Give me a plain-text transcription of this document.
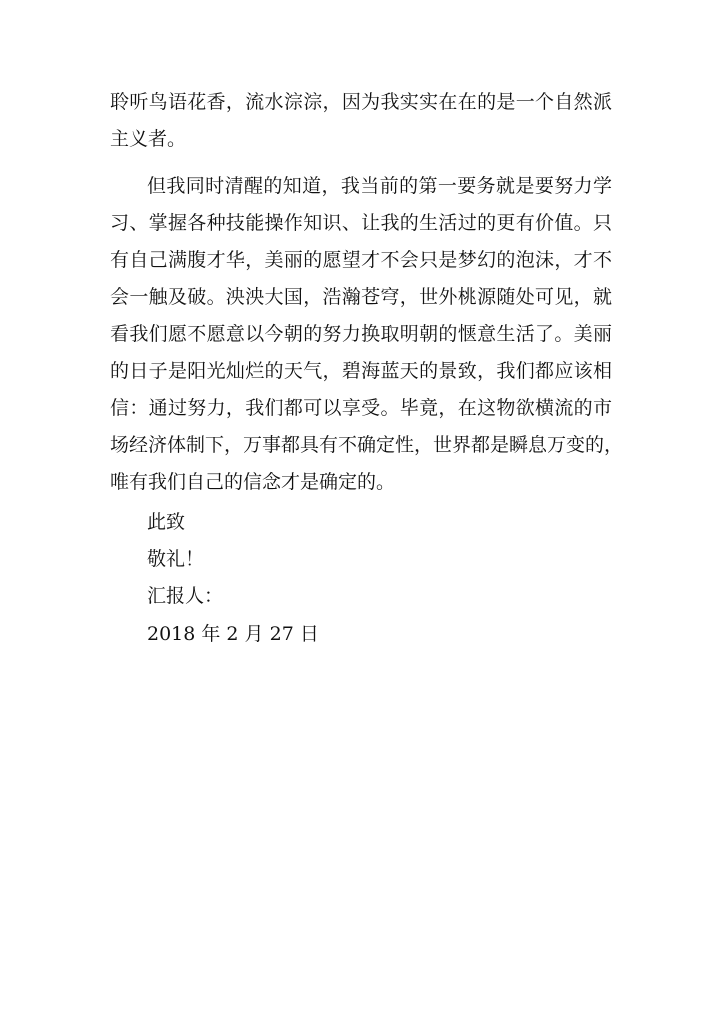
聆听鸟语花香，流水淙淙，因为我实实在在的是一个自然派
主义者。
但我同时清醒的知道，我当前的第一要务就是要努力学
习、掌握各种技能操作知识、让我的生活过的更有价值。只
有自己满腹才华，美丽的愿望才不会只是梦幻的泡沫，才不
会一触及破。泱泱大国，浩瀚苍穹，世外桃源随处可见，就
看我们愿不愿意以今朝的努力换取明朝的惬意生活了。美丽
的日子是阳光灿烂的天气，碧海蓝天的景致，我们都应该相
信：通过努力，我们都可以享受。毕竟，在这物欲横流的市
场经济体制下，万事都具有不确定性，世界都是瞬息万变的，
唯有我们自己的信念才是确定的。
此致
敬礼！
汇报人：
2018 年 2 月 27 日
